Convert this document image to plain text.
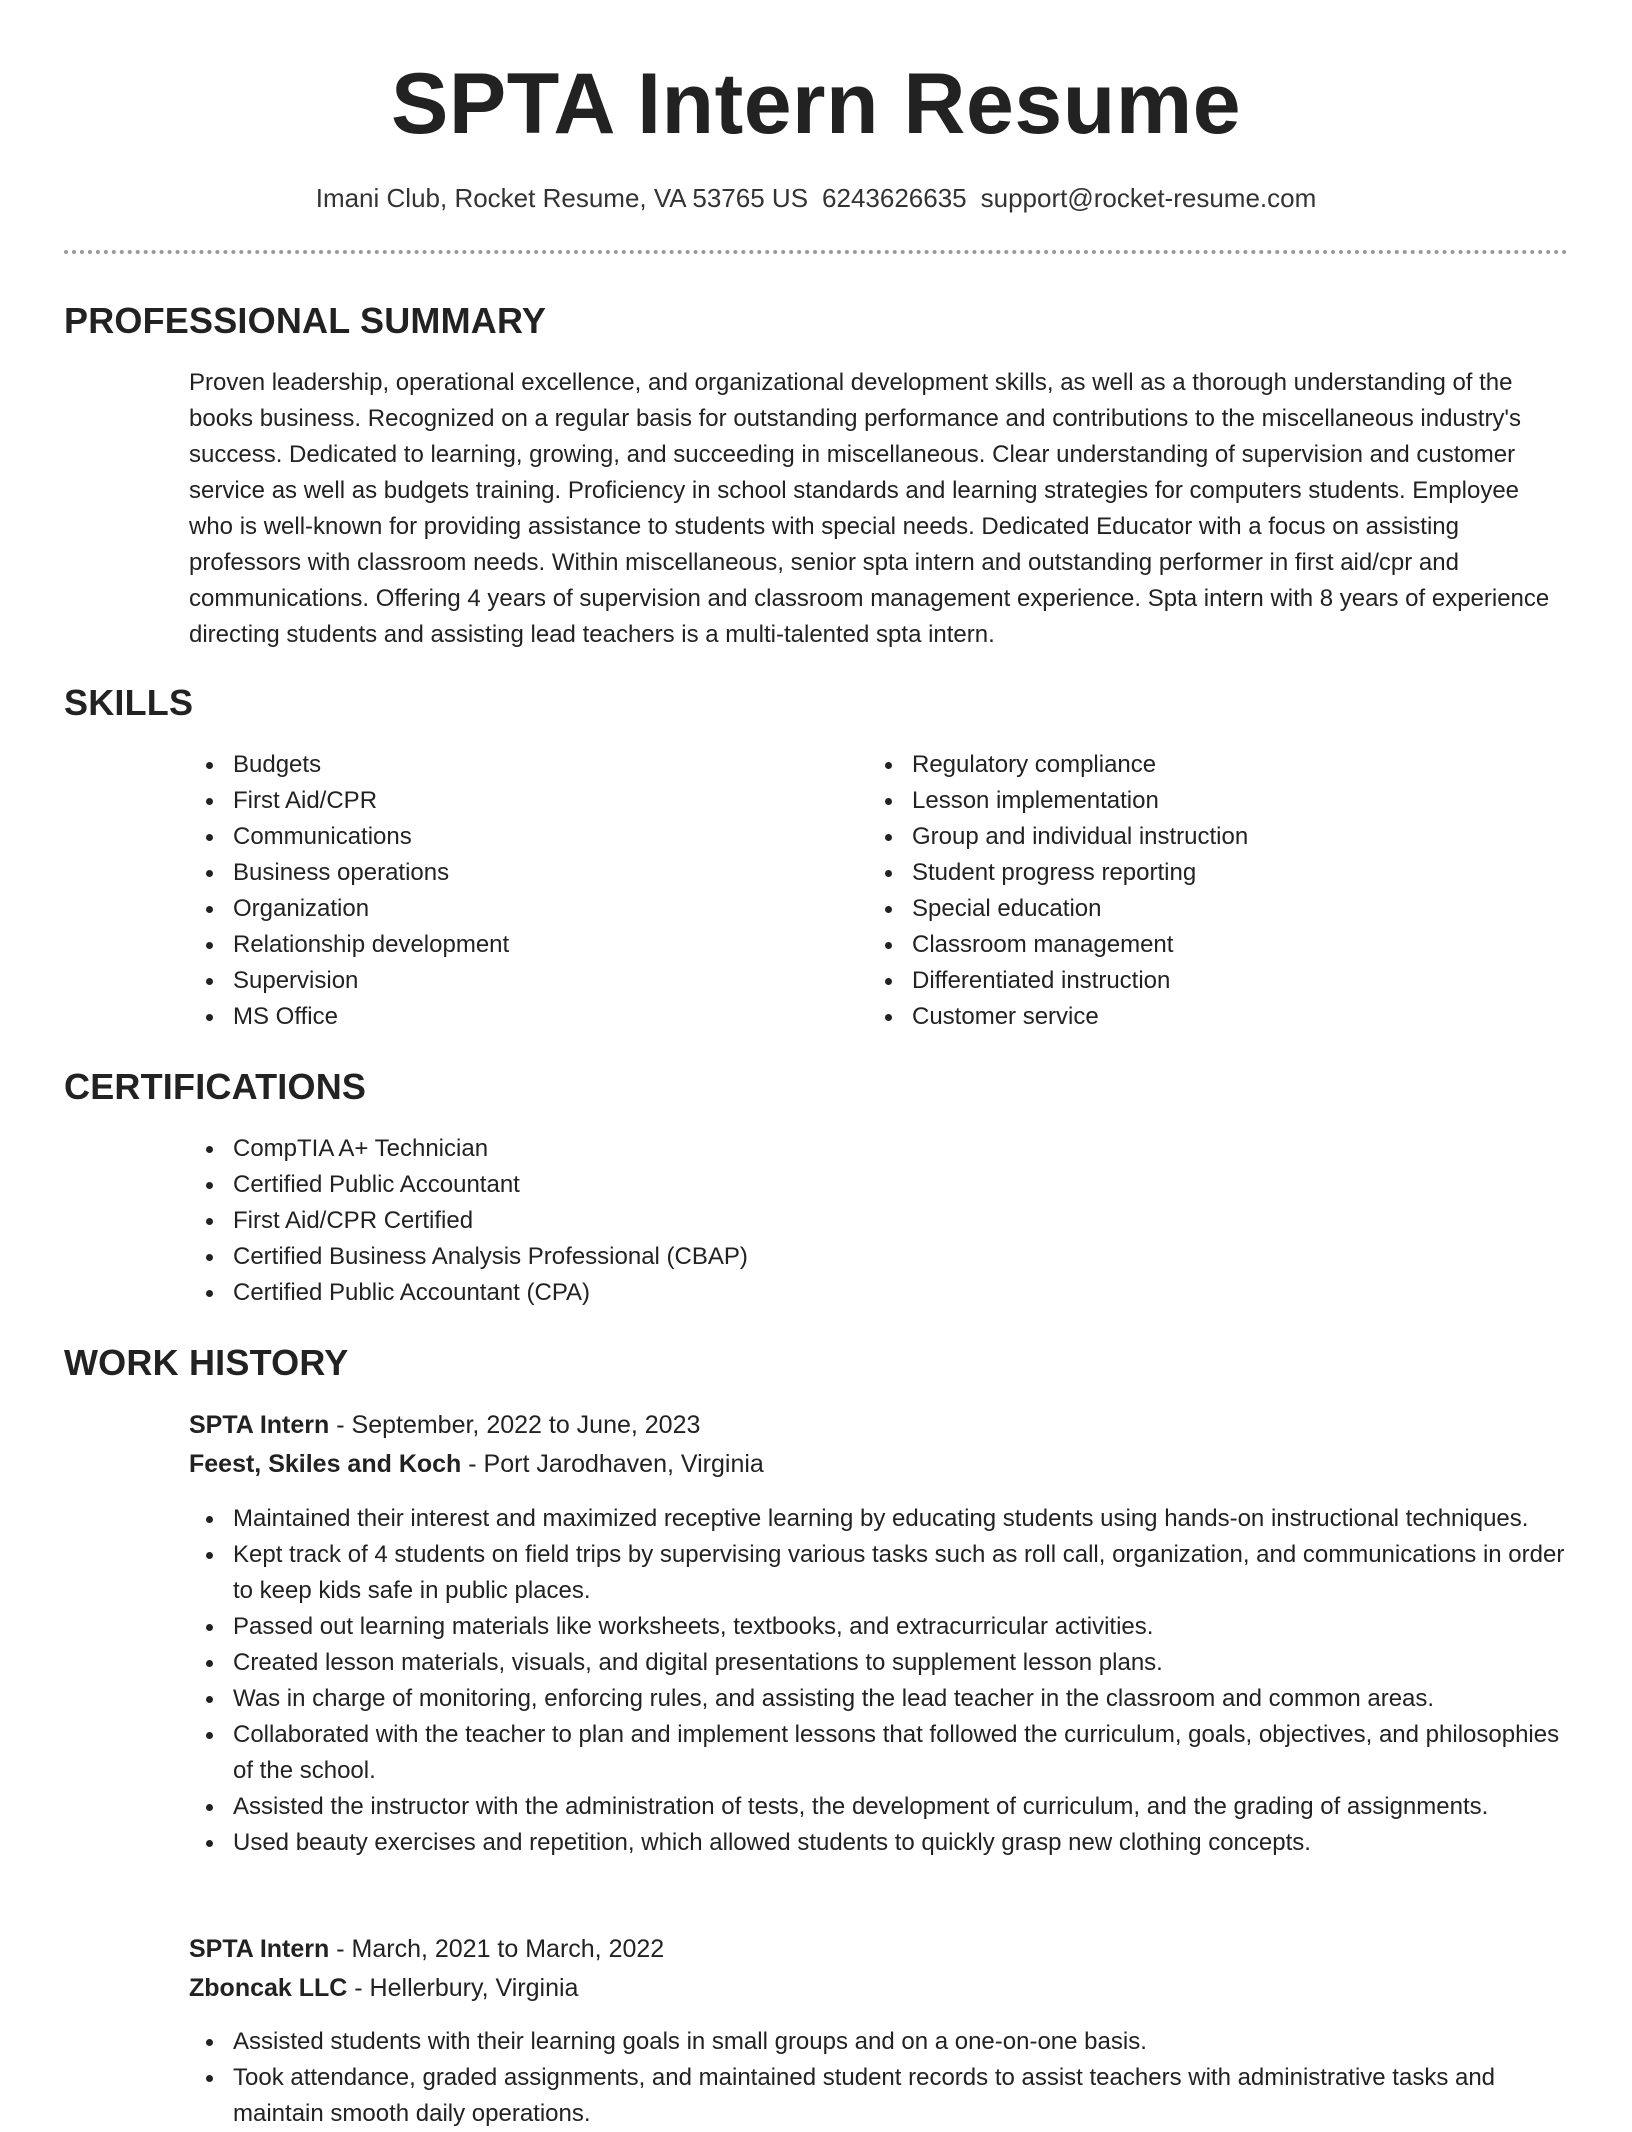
SPTA Intern Resume
Imani Club, Rocket Resume, VA 53765 US 6243626635 support@rocket-resume.com
PROFESSIONAL SUMMARY

Proven leadership, operational excellence, and organizational development skills, as well as a thorough understanding of the books business. Recognized on a regular basis for outstanding performance and contributions to the miscellaneous industry's success. Dedicated to learning, growing, and succeeding in miscellaneous. Clear understanding of supervision and customer service as well as budgets training. Proficiency in school standards and learning strategies for computers students. Employee who is well-known for providing assistance to students with special needs. Dedicated Educator with a focus on assisting professors with classroom needs. Within miscellaneous, senior spta intern and outstanding performer in first aid/cpr and communications. Offering 4 years of supervision and classroom management experience. Spta intern with 8 years of experience directing students and assisting lead teachers is a multi-talented spta intern.

SKILLS
Budgets
First Aid/CPR
Communications
Business operations
Organization
Relationship development
Supervision
MS Office
Regulatory compliance
Lesson implementation
Group and individual instruction
Student progress reporting
Special education
Classroom management
Differentiated instruction
Customer service
CERTIFICATIONS
CompTIA A+ Technician
Certified Public Accountant
First Aid/CPR Certified
Certified Business Analysis Professional (CBAP)
Certified Public Accountant (CPA)
WORK HISTORY
SPTA Intern - September, 2022 to June, 2023
Feest, Skiles and Koch - Port Jarodhaven, Virginia
Maintained their interest and maximized receptive learning by educating students using hands-on instructional techniques.
Kept track of 4 students on field trips by supervising various tasks such as roll call, organization, and communications in order to keep kids safe in public places.
Passed out learning materials like worksheets, textbooks, and extracurricular activities.
Created lesson materials, visuals, and digital presentations to supplement lesson plans.
Was in charge of monitoring, enforcing rules, and assisting the lead teacher in the classroom and common areas.
Collaborated with the teacher to plan and implement lessons that followed the curriculum, goals, objectives, and philosophies of the school.
Assisted the instructor with the administration of tests, the development of curriculum, and the grading of assignments.
Used beauty exercises and repetition, which allowed students to quickly grasp new clothing concepts.
SPTA Intern - March, 2021 to March, 2022
Zboncak LLC - Hellerbury, Virginia
Assisted students with their learning goals in small groups and on a one-on-one basis.
Took attendance, graded assignments, and maintained student records to assist teachers with administrative tasks and maintain smooth daily operations.
